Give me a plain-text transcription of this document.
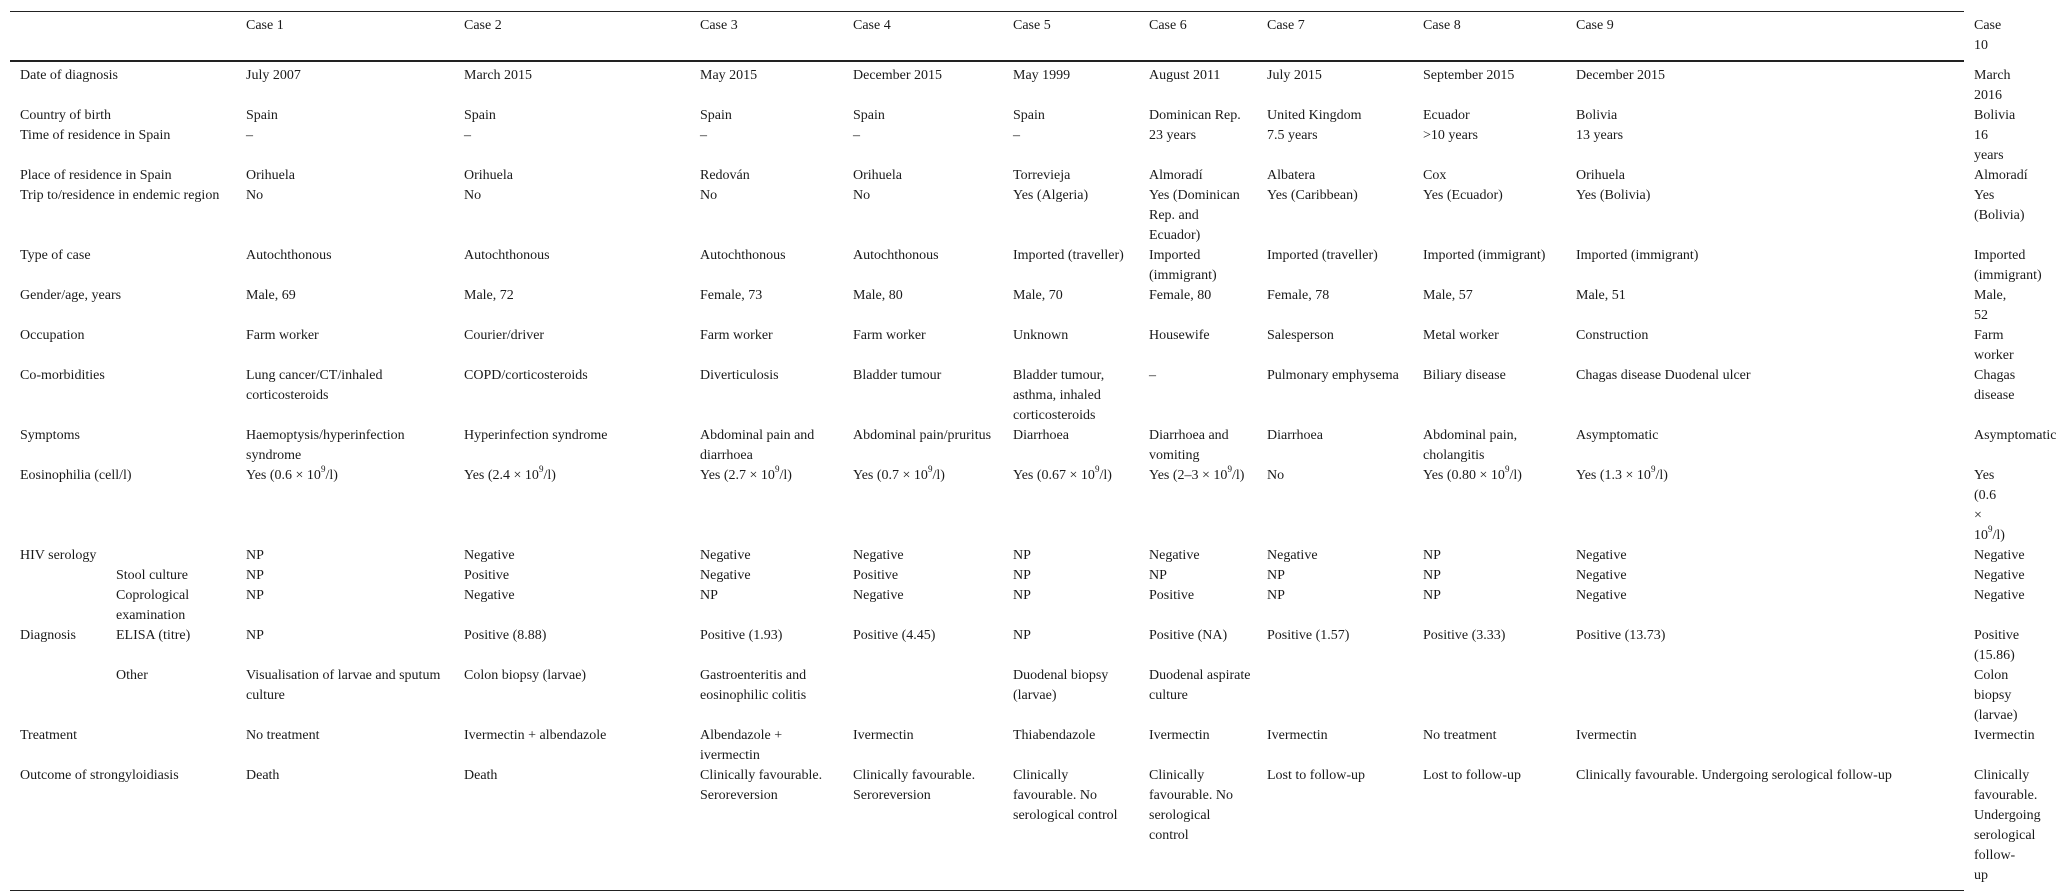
		Case 1	Case 2	Case 3	Case 4	Case 5	Case 6	Case 7	Case 8	Case 9	Case 10
Date of diagnosis		July 2007	March 2015	May 2015	December 2015	May 1999	August 2011	July 2015	September 2015	December 2015	March 2016
Country of birth		Spain	Spain	Spain	Spain	Spain	Dominican Rep.	United Kingdom	Ecuador	Bolivia	Bolivia
Time of residence in Spain		–	–	–	–	–	23 years	7.5 years	>10 years	13 years	16 years
Place of residence in Spain		Orihuela	Orihuela	Redován	Orihuela	Torrevieja	Almoradí	Albatera	Cox	Orihuela	Almoradí
Trip to/residence in endemic region		No	No	No	No	Yes (Algeria)	Yes (Dominican Rep. and Ecuador)	Yes (Caribbean)	Yes (Ecuador)	Yes (Bolivia)	Yes (Bolivia)
Type of case		Autochthonous	Autochthonous	Autochthonous	Autochthonous	Imported (traveller)	Imported (immigrant)	Imported (traveller)	Imported (immigrant)	Imported (immigrant)	Imported (immigrant)
Gender/age, years		Male, 69	Male, 72	Female, 73	Male, 80	Male, 70	Female, 80	Female, 78	Male, 57	Male, 51	Male, 52
Occupation		Farm worker	Courier/driver	Farm worker	Farm worker	Unknown	Housewife	Salesperson	Metal worker	Construction	Farm worker
Co-morbidities		Lung cancer/CT/inhaled corticosteroids	COPD/corticosteroids	Diverticulosis	Bladder tumour	Bladder tumour, asthma, inhaled corticosteroids	–	Pulmonary emphysema	Biliary disease	Chagas disease Duodenal ulcer	Chagas disease
Symptoms		Haemoptysis/hyperinfection syndrome	Hyperinfection syndrome	Abdominal pain and diarrhoea	Abdominal pain/pruritus	Diarrhoea	Diarrhoea and vomiting	Diarrhoea	Abdominal pain, cholangitis	Asymptomatic	Asymptomatic
Eosinophilia (cell/l)		Yes $(0.6 \times 10^9/l)$	Yes $(2.4 \times 10^9/l)$	Yes $(2.7 \times 10^9/l)$	Yes $(0.7 \times 10^9/l)$	Yes $(0.67 \times 10^9/l)$	Yes $(2-3 \times 10^9/l)$	No	Yes $(0.80 \times 10^9/l)$	Yes $(1.3 \times 10^9/l)$	Yes $(0.6 \times 10^9/l)$
HIV serology		NP	Negative	Negative	Negative	NP	Negative	Negative	NP	Negative	Negative
	Stool culture	NP	Positive	Negative	Positive	NP	NP	NP	NP	Negative	Negative
	Coprological examination	NP	Negative	NP	Negative	NP	Positive	NP	NP	Negative	Negative
Diagnosis	ELISA (titre)	NP	Positive (8.88)	Positive (1.93)	Positive (4.45)	NP	Positive (NA)	Positive (1.57)	Positive (3.33)	Positive (13.73)	Positive (15.86)
	Other	Visualisation of larvae and sputum culture	Colon biopsy (larvae)	Gastroenteritis and eosinophilic colitis		Duodenal biopsy (larvae)	Duodenal aspirate culture				Colon biopsy (larvae)
Treatment		No treatment	Ivermectin + albendazole	Albendazole + ivermectin	Ivermectin	Thiabendazole	Ivermectin	Ivermectin	No treatment	Ivermectin	Ivermectin
Outcome of strongyloidiasis		Death	Death	Clinically favourable. Seroreversion	Clinically favourable. Seroreversion	Clinically favourable. No serological control	Clinically favourable. No serological control	Lost to follow-up	Lost to follow-up	Clinically favourable. Undergoing serological follow-up	Clinically favourable. Undergoing serological follow-up
